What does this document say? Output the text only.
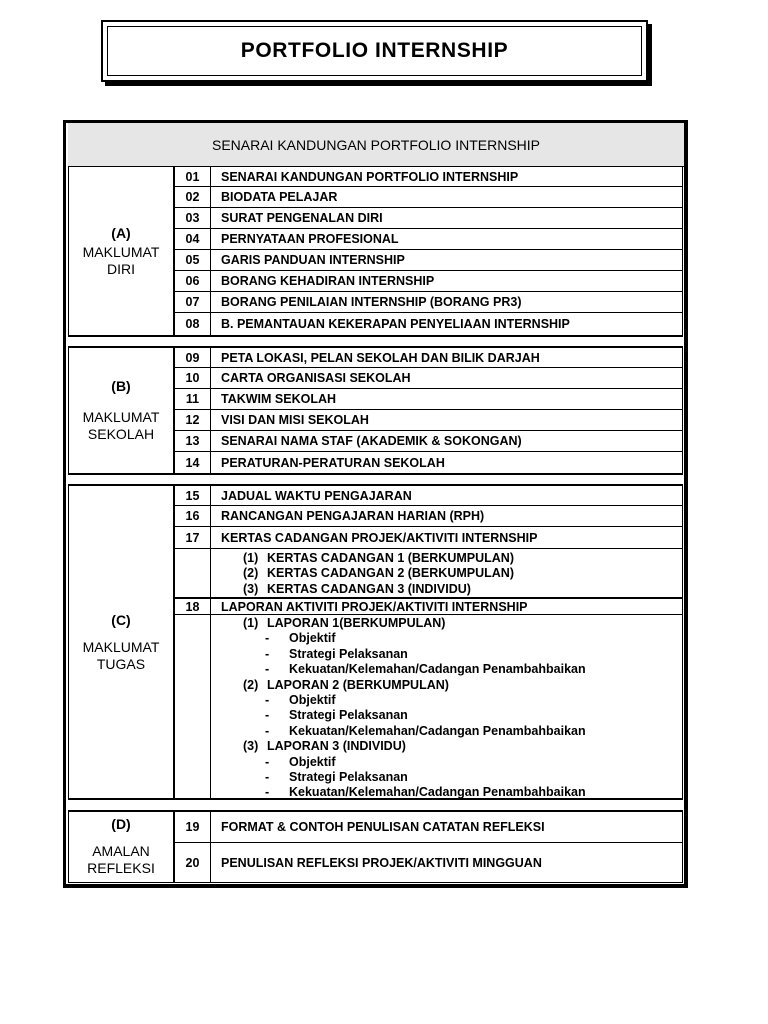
PORTFOLIO INTERNSHIP
SENARAI KANDUNGAN PORTFOLIO INTERNSHIP
(A)
MAKLUMAT DIRI
01	SENARAI KANDUNGAN PORTFOLIO INTERNSHIP
02	BIODATA PELAJAR
03	SURAT PENGENALAN DIRI
04	PERNYATAAN PROFESIONAL
05	GARIS PANDUAN INTERNSHIP
06	BORANG KEHADIRAN INTERNSHIP
07	BORANG PENILAIAN INTERNSHIP (BORANG PR3)
08	B. PEMANTAUAN KEKERAPAN PENYELIAAN INTERNSHIP
(B)
MAKLUMAT SEKOLAH
09	PETA LOKASI, PELAN SEKOLAH DAN BILIK DARJAH
10	CARTA ORGANISASI SEKOLAH
11	TAKWIM SEKOLAH
12	VISI DAN MISI SEKOLAH
13	SENARAI NAMA STAF (AKADEMIK & SOKONGAN)
14	PERATURAN-PERATURAN SEKOLAH
(C)
MAKLUMAT TUGAS
15	JADUAL WAKTU PENGAJARAN
16	RANCANGAN PENGAJARAN HARIAN (RPH)
17	KERTAS CADANGAN PROJEK/AKTIVITI INTERNSHIP
(1) KERTAS CADANGAN 1 (BERKUMPULAN)
(2) KERTAS CADANGAN 2 (BERKUMPULAN)
(3) KERTAS CADANGAN 3 (INDIVIDU)
18	LAPORAN AKTIVITI PROJEK/AKTIVITI INTERNSHIP
(1) LAPORAN 1(BERKUMPULAN)
- Objektif
- Strategi Pelaksanan
- Kekuatan/Kelemahan/Cadangan Penambahbaikan
(2) LAPORAN 2 (BERKUMPULAN)
- Objektif
- Strategi Pelaksanan
- Kekuatan/Kelemahan/Cadangan Penambahbaikan
(3) LAPORAN 3 (INDIVIDU)
- Objektif
- Strategi Pelaksanan
- Kekuatan/Kelemahan/Cadangan Penambahbaikan
(D)
AMALAN REFLEKSI
19	FORMAT & CONTOH PENULISAN CATATAN REFLEKSI
20	PENULISAN REFLEKSI PROJEK/AKTIVITI MINGGUAN
